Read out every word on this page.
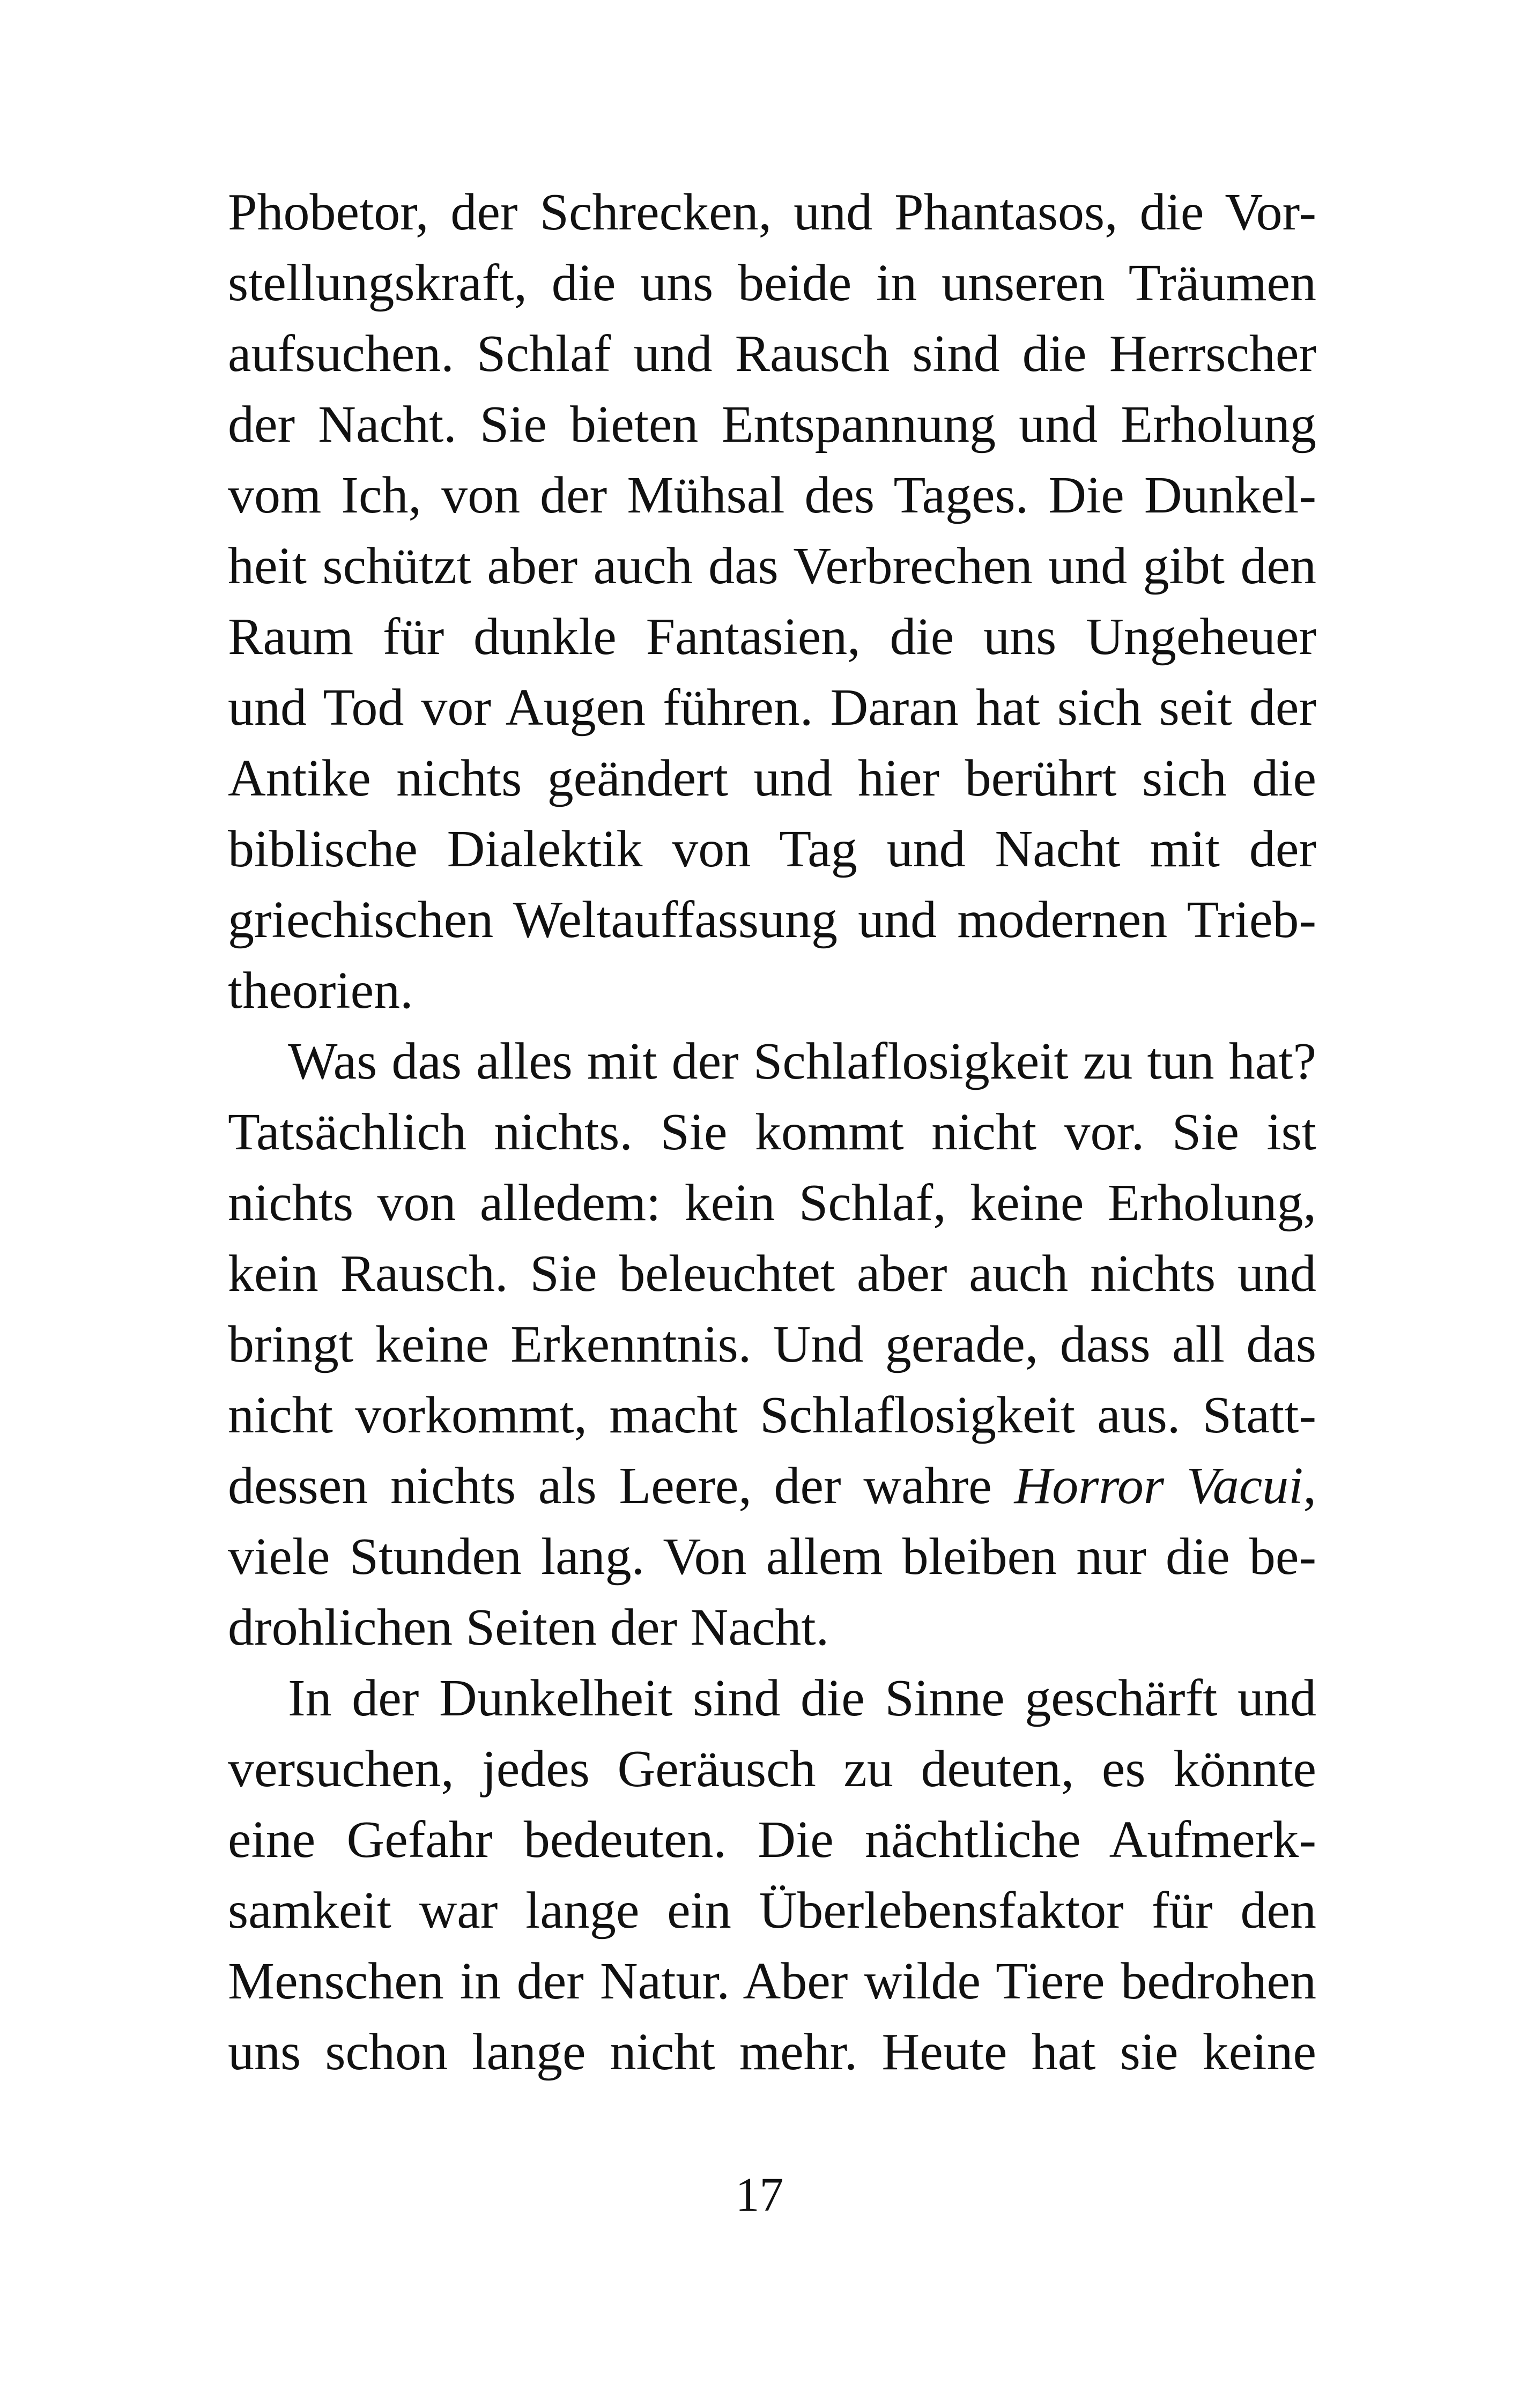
Phobetor, der Schrecken, und Phantasos, die Vor-
stellungskraft, die uns beide in unseren Träumen
aufsuchen. Schlaf und Rausch sind die Herrscher
der Nacht. Sie bieten Entspannung und Erholung
vom Ich, von der Mühsal des Tages. Die Dunkel-
heit schützt aber auch das Verbrechen und gibt den
Raum für dunkle Fantasien, die uns Ungeheuer
und Tod vor Augen führen. Daran hat sich seit der
Antike nichts geändert und hier berührt sich die
biblische Dialektik von Tag und Nacht mit der
griechischen Weltauffassung und modernen Trieb-
theorien.
Was das alles mit der Schlaflosigkeit zu tun hat?
Tatsächlich nichts. Sie kommt nicht vor. Sie ist
nichts von alledem: kein Schlaf, keine Erholung,
kein Rausch. Sie beleuchtet aber auch nichts und
bringt keine Erkenntnis. Und gerade, dass all das
nicht vorkommt, macht Schlaflosigkeit aus. Statt-
dessen nichts als Leere, der wahre Horror Vacui,
viele Stunden lang. Von allem bleiben nur die be-
drohlichen Seiten der Nacht.
In der Dunkelheit sind die Sinne geschärft und
versuchen, jedes Geräusch zu deuten, es könnte
eine Gefahr bedeuten. Die nächtliche Aufmerk-
samkeit war lange ein Überlebensfaktor für den
Menschen in der Natur. Aber wilde Tiere bedrohen
uns schon lange nicht mehr. Heute hat sie keine
17
